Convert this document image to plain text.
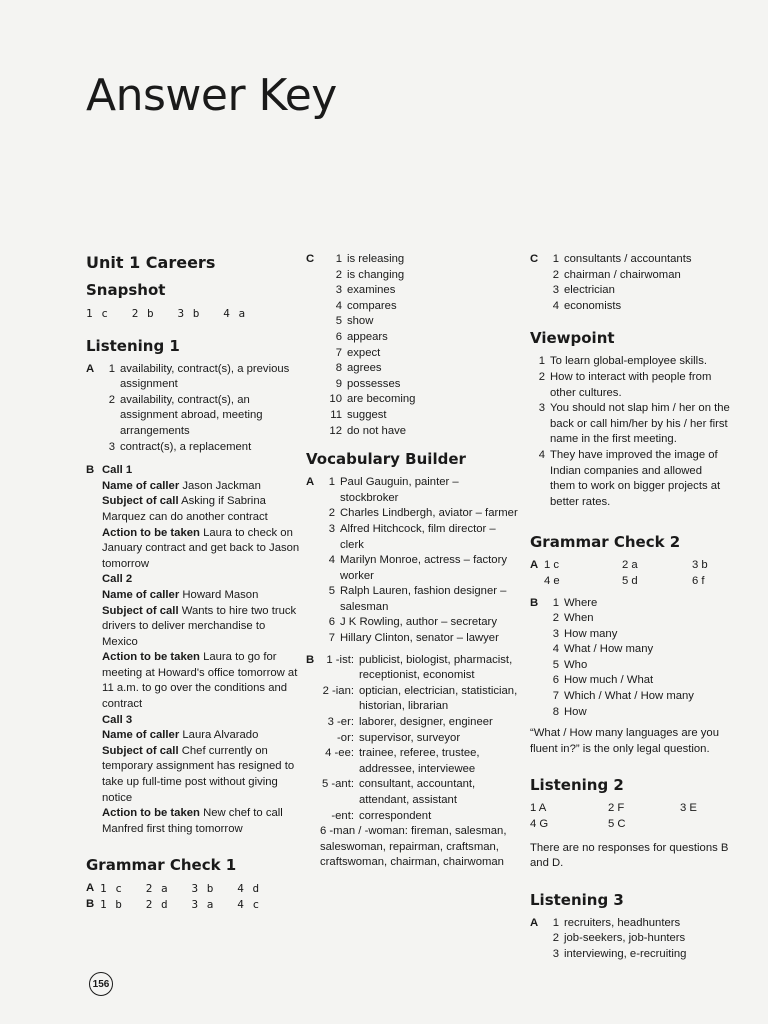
Answer Key
Unit 1 Careers
Snapshot
1 c   2 b   3 b   4 a
Listening 1
A	1 availability, contract(s), a previous assignment
2 availability, contract(s), an assignment abroad, meeting arrangements
3 contract(s), a replacement
B Call 1
Name of caller Jason Jackman
Subject of call Asking if Sabrina Marquez can do another contract
Action to be taken Laura to check on January contract and get back to Jason tomorrow
Call 2
Name of caller Howard Mason
Subject of call Wants to hire two truck drivers to deliver merchandise to Mexico
Action to be taken Laura to go for meeting at Howard's office tomorrow at 11 a.m. to go over the conditions and contract
Call 3
Name of caller Laura Alvarado
Subject of call Chef currently on temporary assignment has resigned to take up full-time post without giving notice
Action to be taken New chef to call Manfred first thing tomorrow
Grammar Check 1
A 1 c   2 a   3 b   4 d
B 1 b   2 d   3 a   4 c
C	1 is releasing
2 is changing
3 examines
4 compares
5 show
6 appears
7 expect
8 agrees
9 possesses
10 are becoming
11 suggest
12 do not have
Vocabulary Builder
A	1 Paul Gauguin, painter – stockbroker
2 Charles Lindbergh, aviator – farmer
3 Alfred Hitchcock, film director – clerk
4 Marilyn Monroe, actress – factory worker
5 Ralph Lauren, fashion designer – salesman
6 J K Rowling, author – secretary
7 Hillary Clinton, senator – lawyer
B	1 -ist: publicist, biologist, pharmacist, receptionist, economist
2 -ian: optician, electrician, statistician, historian, librarian
3 -er: laborer, designer, engineer
-or: supervisor, surveyor
4 -ee: trainee, referee, trustee, addressee, interviewee
5 -ant: consultant, accountant, attendant, assistant
-ent: correspondent
6 -man / -woman: fireman, salesman, saleswoman, repairman, craftsman, craftswoman, chairman, chairwoman
C	1 consultants / accountants
2 chairman / chairwoman
3 electrician
4 economists
Viewpoint
1 To learn global-employee skills.
2 How to interact with people from other cultures.
3 You should not slap him / her on the back or call him/her by his / her first name in the first meeting.
4 They have improved the image of Indian companies and allowed them to work on bigger projects at better rates.
Grammar Check 2
A 1 c	2 a	3 b
4 e	5 d	6 f
B	1 Where
2 When
3 How many
4 What / How many
5 Who
6 How much / What
7 Which / What / How many
8 How
“What / How many languages are you fluent in?” is the only legal question.
Listening 2
1 A	2 F	3 E
4 G	5 C
There are no responses for questions B and D.
Listening 3
A	1 recruiters, headhunters
2 job-seekers, job-hunters
3 interviewing, e-recruiting
156
